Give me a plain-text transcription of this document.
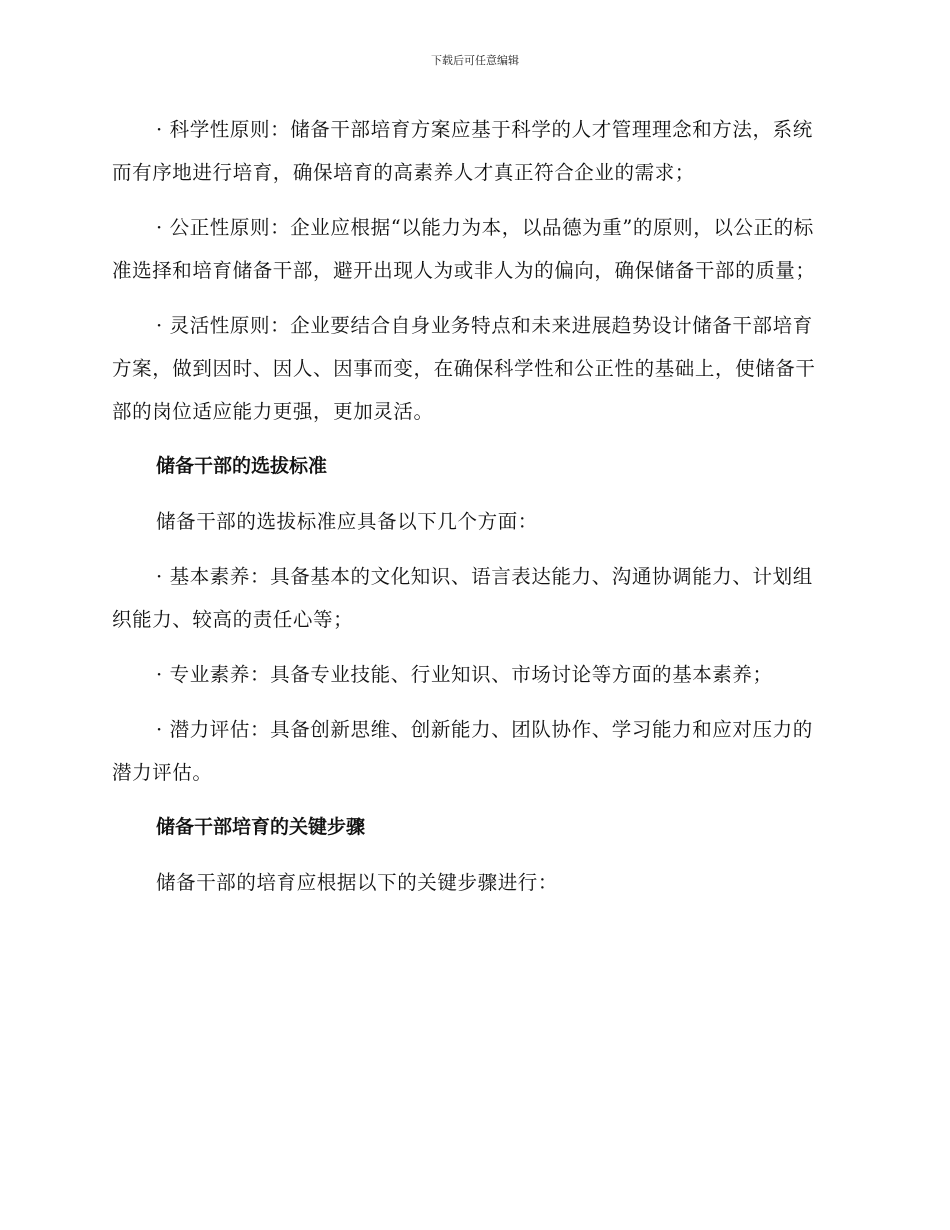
下载后可任意编辑

· 科学性原则：储备干部培育方案应基于科学的人才管理理念和方法，系统而有序地进行培育，确保培育的高素养人才真正符合企业的需求；

· 公正性原则：企业应根据“以能力为本，以品德为重”的原则，以公正的标准选择和培育储备干部，避开出现人为或非人为的偏向，确保储备干部的质量；

· 灵活性原则：企业要结合自身业务特点和未来进展趋势设计储备干部培育方案，做到因时、因人、因事而变，在确保科学性和公正性的基础上，使储备干部的岗位适应能力更强，更加灵活。

储备干部的选拔标准

储备干部的选拔标准应具备以下几个方面：

· 基本素养：具备基本的文化知识、语言表达能力、沟通协调能力、计划组织能力、较高的责任心等；

· 专业素养：具备专业技能、行业知识、市场讨论等方面的基本素养；

· 潜力评估：具备创新思维、创新能力、团队协作、学习能力和应对压力的潜力评估。

储备干部培育的关键步骤

储备干部的培育应根据以下的关键步骤进行：
